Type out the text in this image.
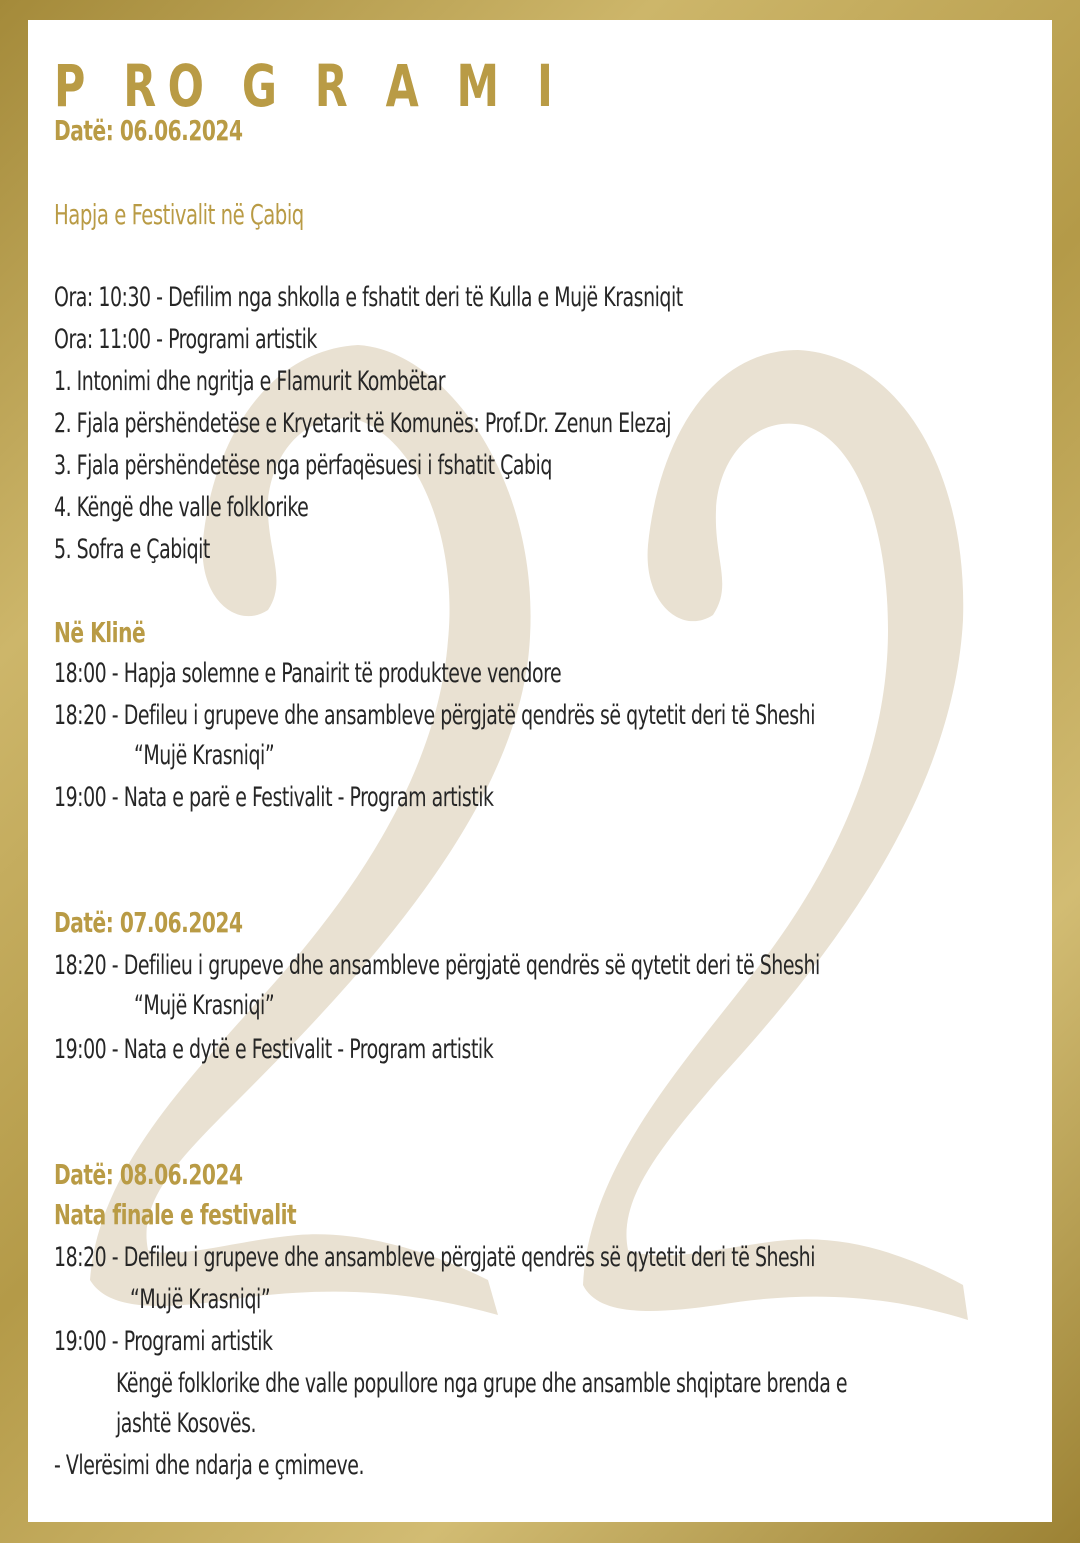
P RO G R A M I
Datë: 06.06.2024
Hapja e Festivalit në Çabiq
Ora: 10:30 - Defilim nga shkolla e fshatit deri të Kulla e Mujë Krasniqit
Ora: 11:00 - Programi artistik
1. Intonimi dhe ngritja e Flamurit Kombëtar
2. Fjala përshëndetëse e Kryetarit të Komunës: Prof.Dr. Zenun Elezaj
3. Fjala përshëndetëse nga përfaqësuesi i fshatit Çabiq
4. Këngë dhe valle folklorike
5. Sofra e Çabiqit
Në Klinë
18:00 - Hapja solemne e Panairit të produkteve vendore
18:20 - Defileu i grupeve dhe ansambleve përgjatë qendrës së qytetit deri të Sheshi
“Mujë Krasniqi”
19:00 - Nata e parë e Festivalit - Program artistik
Datë: 07.06.2024
18:20 - Defilieu i grupeve dhe ansambleve përgjatë qendrës së qytetit deri të Sheshi
“Mujë Krasniqi”
19:00 - Nata e dytë e Festivalit - Program artistik
Datë: 08.06.2024
Nata finale e festivalit
18:20 - Defileu i grupeve dhe ansambleve përgjatë qendrës së qytetit deri të Sheshi
“Mujë Krasniqi”
19:00 - Programi artistik
Këngë folklorike dhe valle popullore nga grupe dhe ansamble shqiptare brenda e
jashtë Kosovës.
- Vlerësimi dhe ndarja e çmimeve.
